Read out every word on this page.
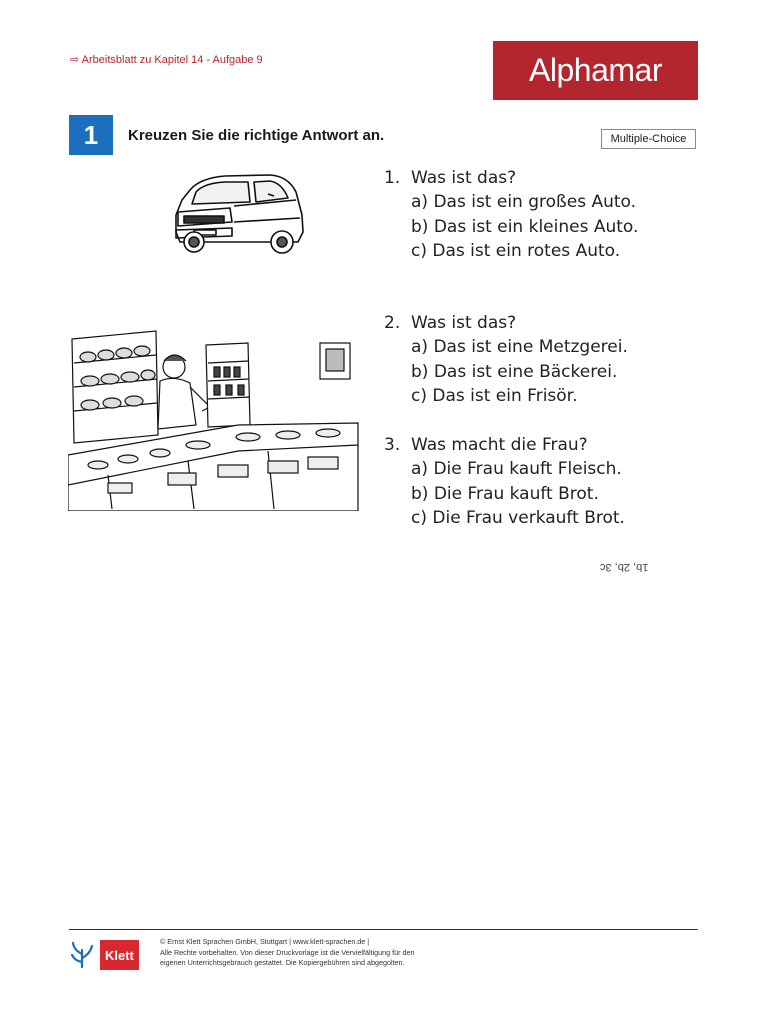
⇨ Arbeitsblatt zu Kapitel 14 - Aufgabe 9	Alphamar
1	Kreuzen Sie die richtige Antwort an.	Multiple-Choice
1. Was ist das?
a) Das ist ein großes Auto.
b) Das ist ein kleines Auto.
c) Das ist ein rotes Auto.
2. Was ist das?
a) Das ist eine Metzgerei.
b) Das ist eine Bäckerei.
c) Das ist ein Frisör.
3. Was macht die Frau?
a) Die Frau kauft Fleisch.
b) Die Frau kauft Brot.
c) Die Frau verkauft Brot.
1b, 2b, 3c
Klett
© Ernst Klett Sprachen GmbH, Stuttgart | www.klett-sprachen.de |
Alle Rechte vorbehalten. Von dieser Druckvorlage ist die Vervielfältigung für den
eigenen Unterrichtsgebrauch gestattet. Die Kopiergebühren sind abgegolten.
